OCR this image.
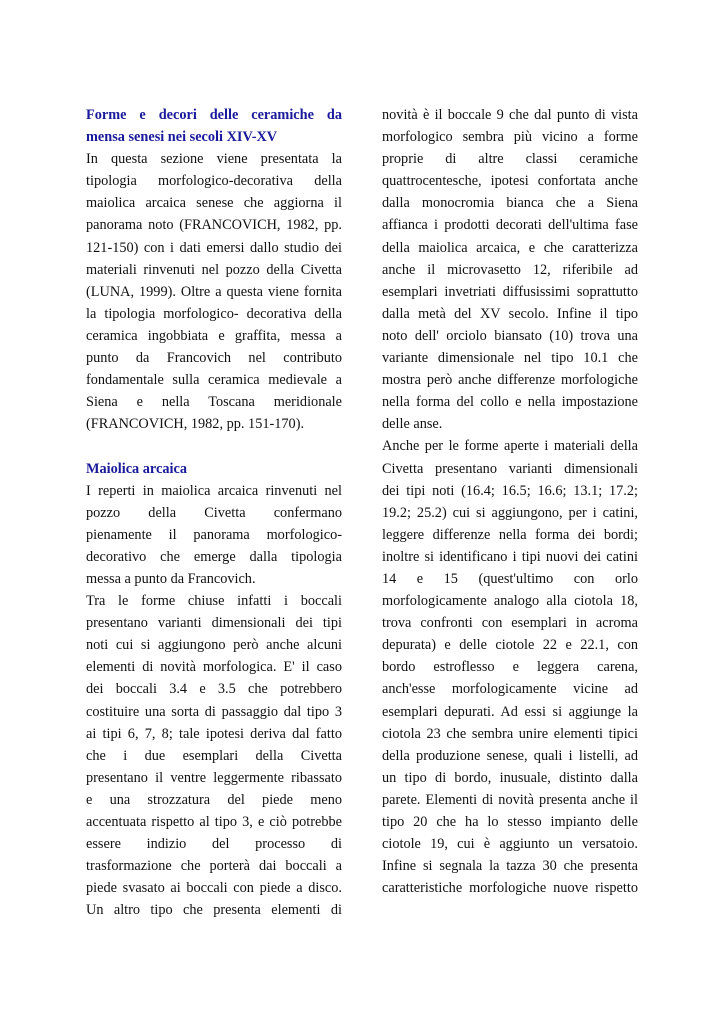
Forme e decori delle ceramiche da
mensa senesi nei secoli XIV-XV
In questa sezione viene presentata la
tipologia morfologico-decorativa della
maiolica arcaica senese che aggiorna il
panorama noto (FRANCOVICH, 1982, pp.
121-150) con i dati emersi dallo studio dei
materiali rinvenuti nel pozzo della Civetta
(LUNA, 1999). Oltre a questa viene fornita
la tipologia morfologico- decorativa della
ceramica ingobbiata e graffita, messa a
punto da Francovich nel contributo
fondamentale sulla ceramica medievale a
Siena e nella Toscana meridionale
(FRANCOVICH, 1982, pp. 151-170).
Maiolica arcaica
I reperti in maiolica arcaica rinvenuti nel
pozzo della Civetta confermano
pienamente il panorama morfologico-
decorativo che emerge dalla tipologia
messa a punto da Francovich.
Tra le forme chiuse infatti i boccali
presentano varianti dimensionali dei tipi
noti cui si aggiungono però anche alcuni
elementi di novità morfologica. E' il caso
dei boccali 3.4 e 3.5 che potrebbero
costituire una sorta di passaggio dal tipo 3
ai tipi 6, 7, 8; tale ipotesi deriva dal fatto
che i due esemplari della Civetta
presentano il ventre leggermente ribassato
e una strozzatura del piede meno
accentuata rispetto al tipo 3, e ciò potrebbe
essere indizio del processo di
trasformazione che porterà dai boccali a
piede svasato ai boccali con piede a disco.
Un altro tipo che presenta elementi di
novità è il boccale 9 che dal punto di vista
morfologico sembra più vicino a forme
proprie di altre classi ceramiche
quattrocentesche, ipotesi confortata anche
dalla monocromia bianca che a Siena
affianca i prodotti decorati dell'ultima fase
della maiolica arcaica, e che caratterizza
anche il microvasetto 12, riferibile ad
esemplari invetriati diffusissimi soprattutto
dalla metà del XV secolo. Infine il tipo
noto dell' orciolo biansato (10) trova una
variante dimensionale nel tipo 10.1 che
mostra però anche differenze morfologiche
nella forma del collo e nella impostazione
delle anse.
Anche per le forme aperte i materiali della
Civetta presentano varianti dimensionali
dei tipi noti (16.4; 16.5; 16.6; 13.1; 17.2;
19.2; 25.2) cui si aggiungono, per i catini,
leggere differenze nella forma dei bordi;
inoltre si identificano i tipi nuovi dei catini
14 e 15 (quest'ultimo con orlo
morfologicamente analogo alla ciotola 18,
trova confronti con esemplari in acroma
depurata) e delle ciotole 22 e 22.1, con
bordo estroflesso e leggera carena,
anch'esse morfologicamente vicine ad
esemplari depurati. Ad essi si aggiunge la
ciotola 23 che sembra unire elementi tipici
della produzione senese, quali i listelli, ad
un tipo di bordo, inusuale, distinto dalla
parete. Elementi di novità presenta anche il
tipo 20 che ha lo stesso impianto delle
ciotole 19, cui è aggiunto un versatoio.
Infine si segnala la tazza 30 che presenta
caratteristiche morfologiche nuove rispetto
